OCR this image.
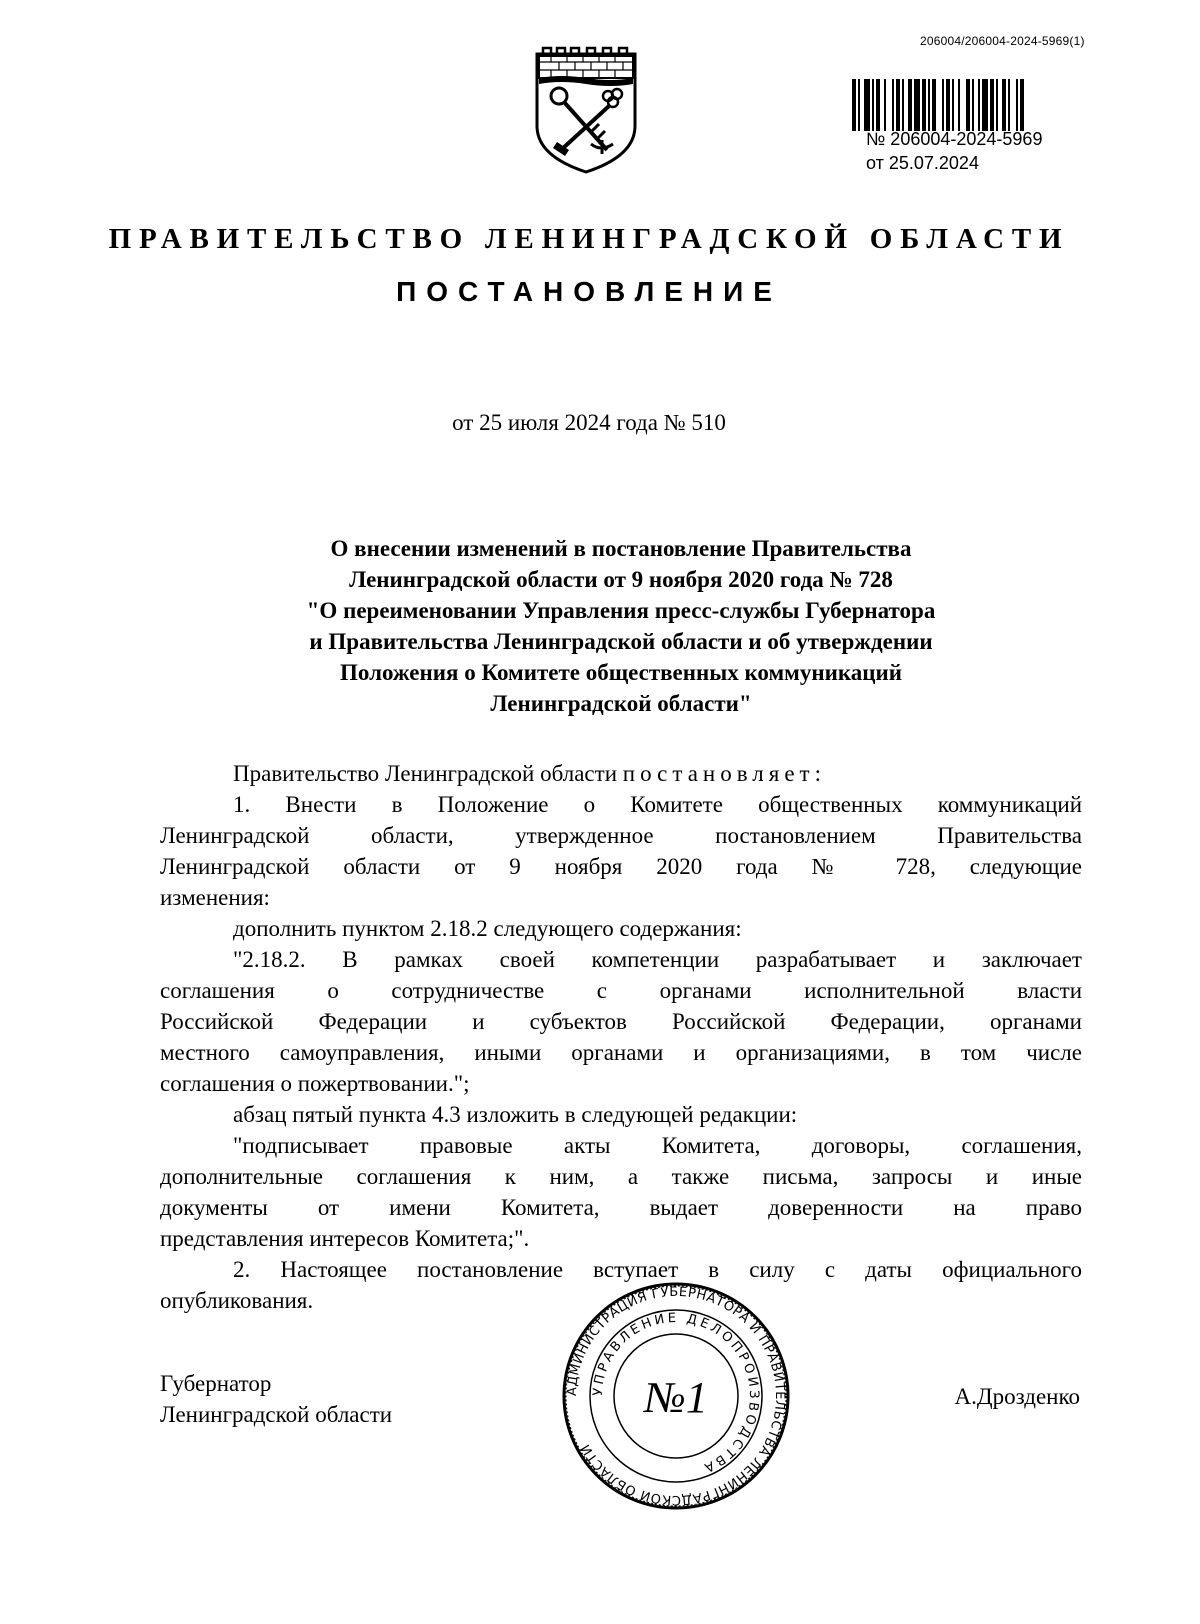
206004/206004-2024-5969(1)
№ 206004-2024-5969
от 25.07.2024
ПРАВИТЕЛЬСТВО ЛЕНИНГРАДСКОЙ ОБЛАСТИ
ПОСТАНОВЛЕНИЕ
от 25 июля 2024 года № 510
О внесении изменений в постановление Правительства
Ленинградской области от 9 ноября 2020 года № 728
"О переименовании Управления пресс-службы Губернатора
и Правительства Ленинградской области и об утверждении
Положения о Комитете общественных коммуникаций
Ленинградской области"
Правительство Ленинградской области постановляет:
1. Внести в Положение о Комитете общественных коммуникаций
Ленинградской области, утвержденное постановлением Правительства
Ленинградской области от 9 ноября 2020 года № 728, следующие
изменения:
дополнить пунктом 2.18.2 следующего содержания:
"2.18.2. В рамках своей компетенции разрабатывает и заключает
соглашения о сотрудничестве с органами исполнительной власти
Российской Федерации и субъектов Российской Федерации, органами
местного самоуправления, иными органами и организациями, в том числе
соглашения о пожертвовании.";
абзац пятый пункта 4.3 изложить в следующей редакции:
"подписывает правовые акты Комитета, договоры, соглашения,
дополнительные соглашения к ним, а также письма, запросы и иные
документы от имени Комитета, выдает доверенности на право
представления интересов Комитета;".
2. Настоящее постановление вступает в силу с даты официального
опубликования.
Губернатор
Ленинградской области
А.Дрозденко
АДМИНИСТРАЦИЯ ГУБЕРНАТОРА И ПРАВИТЕЛЬСТВА ЛЕНИНГРАДСКОЙ ОБЛАСТИ
УПРАВЛЕНИЕ ДЕЛОПРОИЗВОДСТВА
№1
